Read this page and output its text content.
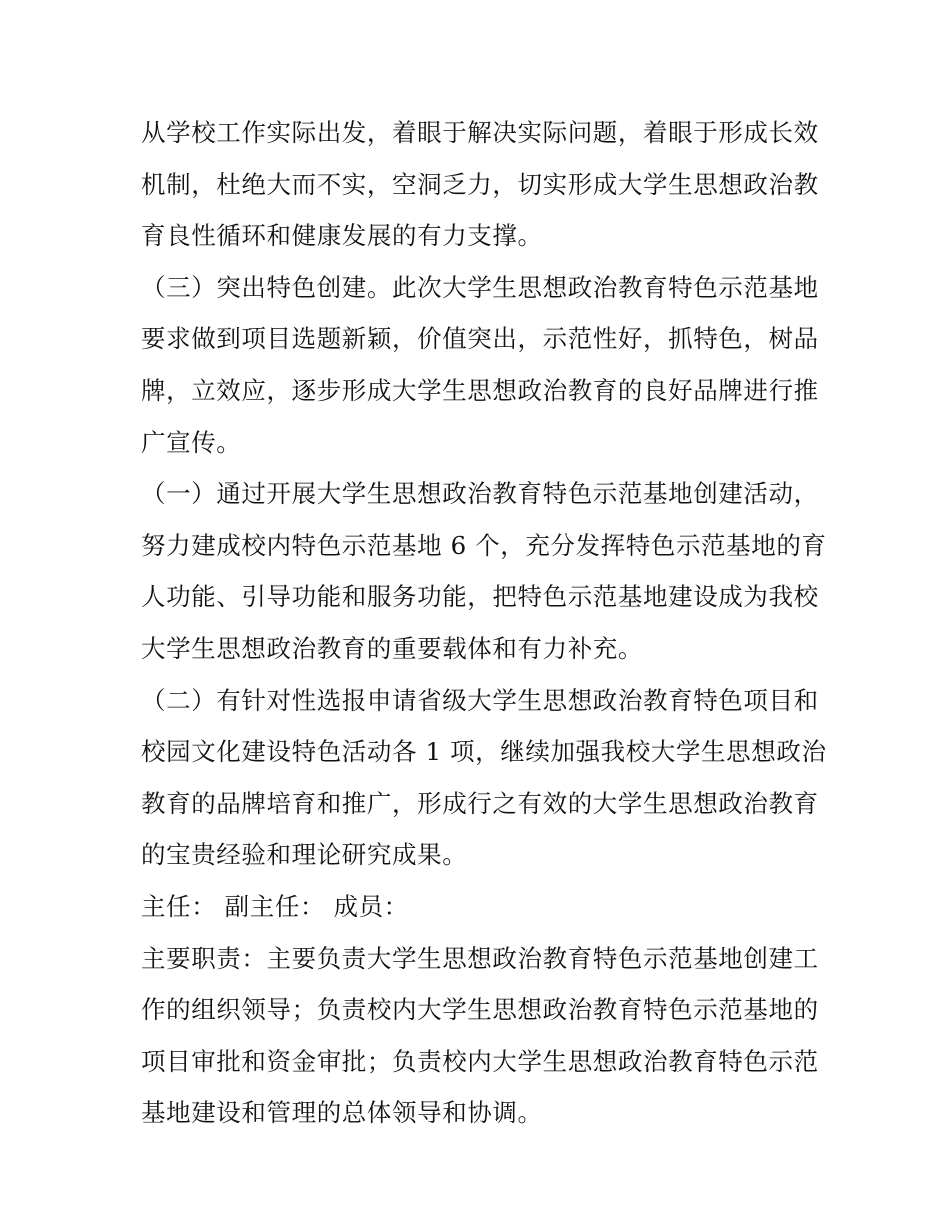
从学校工作实际出发，着眼于解决实际问题，着眼于形成长效
机制，杜绝大而不实，空洞乏力，切实形成大学生思想政治教
育良性循环和健康发展的有力支撑。
（三）突出特色创建。此次大学生思想政治教育特色示范基地
要求做到项目选题新颖，价值突出，示范性好，抓特色，树品
牌，立效应，逐步形成大学生思想政治教育的良好品牌进行推
广宣传。
（一）通过开展大学生思想政治教育特色示范基地创建活动，
努力建成校内特色示范基地 6 个，充分发挥特色示范基地的育
人功能、引导功能和服务功能，把特色示范基地建设成为我校
大学生思想政治教育的重要载体和有力补充。
（二）有针对性选报申请省级大学生思想政治教育特色项目和
校园文化建设特色活动各 1 项，继续加强我校大学生思想政治
教育的品牌培育和推广，形成行之有效的大学生思想政治教育
的宝贵经验和理论研究成果。
主任： 副主任： 成员：
主要职责：主要负责大学生思想政治教育特色示范基地创建工
作的组织领导；负责校内大学生思想政治教育特色示范基地的
项目审批和资金审批；负责校内大学生思想政治教育特色示范
基地建设和管理的总体领导和协调。
